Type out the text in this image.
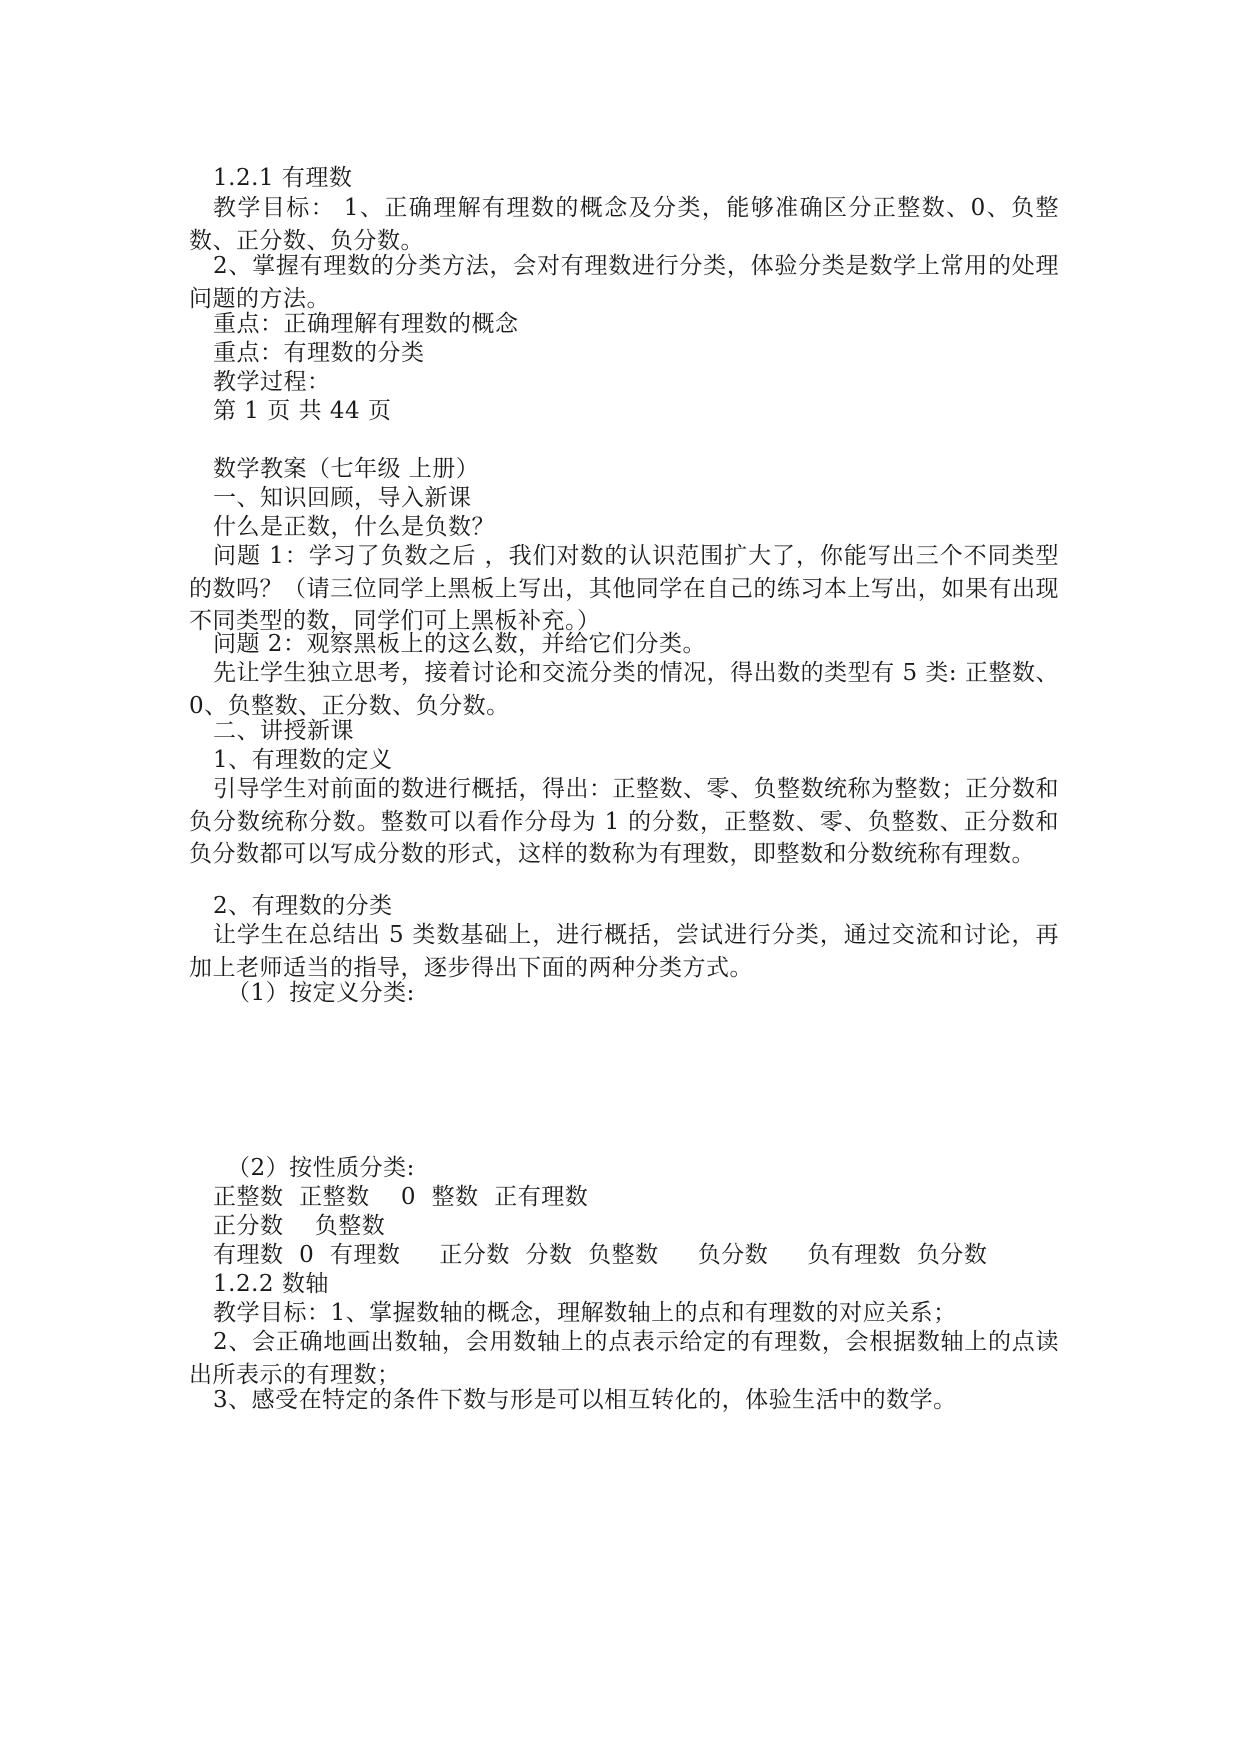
1.2.1 有理数
教学目标： 1、正确理解有理数的概念及分类，能够准确区分正整数、0、负整数、正分数、负分数。
2、掌握有理数的分类方法，会对有理数进行分类，体验分类是数学上常用的处理问题的方法。
重点：正确理解有理数的概念
重点：有理数的分类
教学过程：
第 1 页 共 44 页
数学教案（七年级 上册）
一、知识回顾，导入新课
什么是正数，什么是负数？
问题 1：学习了负数之后 ，我们对数的认识范围扩大了，你能写出三个不同类型的数吗？（请三位同学上黑板上写出，其他同学在自己的练习本上写出，如果有出现不同类型的数，同学们可上黑板补充。）
问题 2：观察黑板上的这么数，并给它们分类。
先让学生独立思考，接着讨论和交流分类的情况，得出数的类型有 5 类: 正整数、0、负整数、正分数、负分数。
二、讲授新课
1、有理数的定义
引导学生对前面的数进行概括，得出：正整数、零、负整数统称为整数；正分数和负分数统称分数。整数可以看作分母为 1 的分数，正整数、零、负整数、正分数和负分数都可以写成分数的形式，这样的数称为有理数，即整数和分数统称有理数。
2、有理数的分类
让学生在总结出 5 类数基础上，进行概括，尝试进行分类，通过交流和讨论，再加上老师适当的指导，逐步得出下面的两种分类方式。
（1）按定义分类:
（2）按性质分类:
正整数  正整数    0  整数  正有理数
正分数    负整数
有理数  0  有理数     正分数  分数  负整数     负分数     负有理数  负分数
1.2.2 数轴
教学目标：1、掌握数轴的概念，理解数轴上的点和有理数的对应关系；
2、会正确地画出数轴，会用数轴上的点表示给定的有理数，会根据数轴上的点读出所表示的有理数；
3、感受在特定的条件下数与形是可以相互转化的，体验生活中的数学。
